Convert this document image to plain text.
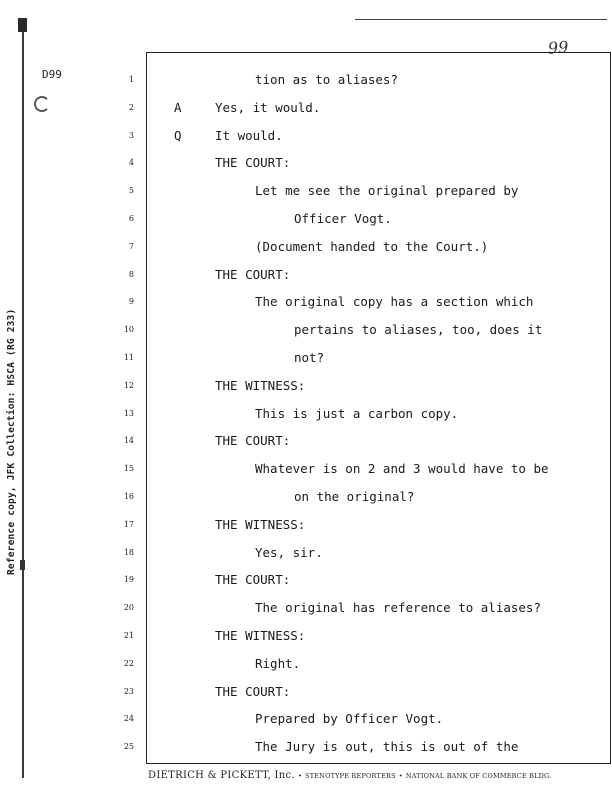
Reference copy, JFK Collection: HSCA (RG 233)
D99
99
1	tion as to aliases?
2	A	Yes, it would.
3	Q	It would.
4	THE COURT:
5	Let me see the original prepared by
6	Officer Vogt.
7	(Document handed to the Court.)
8	THE COURT:
9	The original copy has a section which
10	pertains to aliases, too, does it
11	not?
12	THE WITNESS:
13	This is just a carbon copy.
14	THE COURT:
15	Whatever is on 2 and 3 would have to be
16	on the original?
17	THE WITNESS:
18	Yes, sir.
19	THE COURT:
20	The original has reference to aliases?
21	THE WITNESS:
22	Right.
23	THE COURT:
24	Prepared by Officer Vogt.
25	The Jury is out, this is out of the
DIETRICH & PICKETT, Inc. • STENOTYPE REPORTERS • NATIONAL BANK OF COMMERCE BLDG.
